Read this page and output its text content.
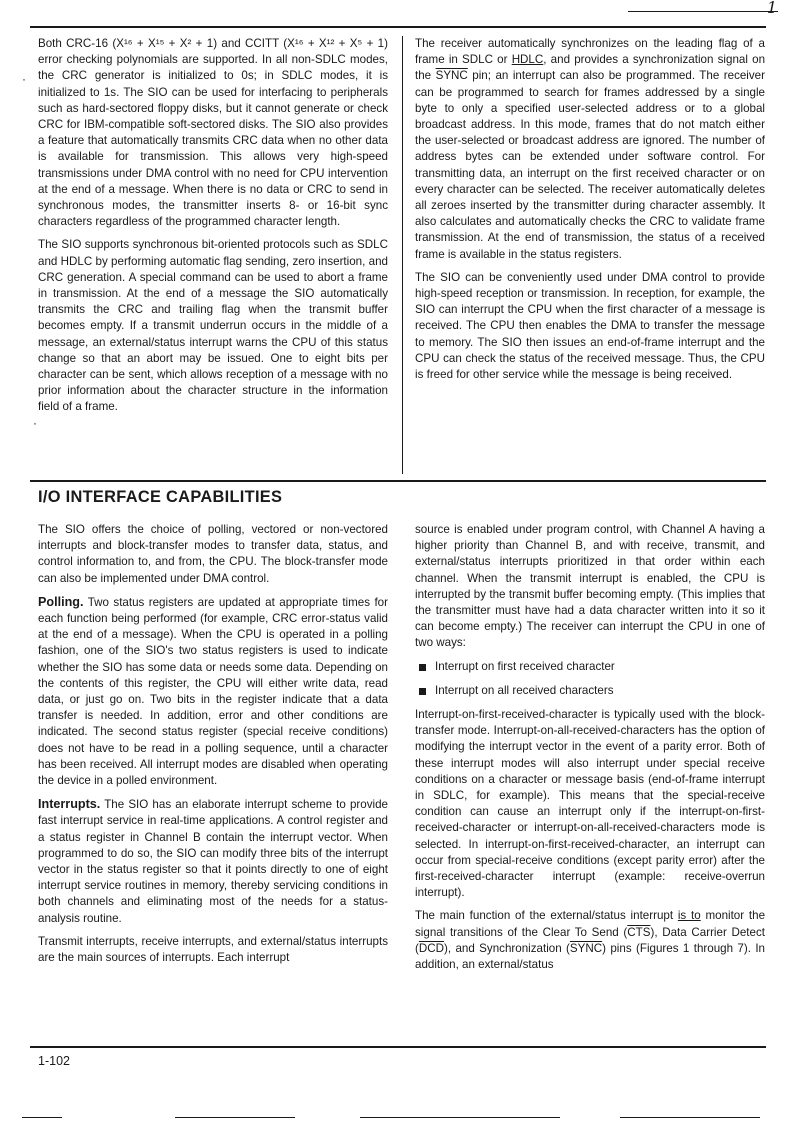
1
·
·

Both CRC-16 (X¹⁶ + X¹⁵ + X² + 1) and CCITT (X¹⁶ + X¹² + X⁵ + 1) error checking polynomials are supported. In all non-SDLC modes, the CRC generator is initialized to 0s; in SDLC modes, it is initialized to 1s. The SIO can be used for interfacing to peripherals such as hard-sectored floppy disks, but it cannot generate or check CRC for IBM-compatible soft-sectored disks. The SIO also provides a feature that automatically transmits CRC data when no other data is available for transmission. This allows very high-speed transmissions under DMA control with no need for CPU intervention at the end of a message. When there is no data or CRC to send in synchronous modes, the transmitter inserts 8- or 16-bit sync characters regardless of the programmed character length.

The SIO supports synchronous bit-oriented protocols such as SDLC and HDLC by performing automatic flag sending, zero insertion, and CRC generation. A special command can be used to abort a frame in transmission. At the end of a message the SIO automatically transmits the CRC and trailing flag when the transmit buffer becomes empty. If a transmit underrun occurs in the middle of a message, an external/status interrupt warns the CPU of this status change so that an abort may be issued. One to eight bits per character can be sent, which allows reception of a message with no prior information about the character structure in the information field of a frame.

The receiver automatically synchronizes on the leading flag of a frame in SDLC or HDLC, and provides a synchronization signal on the SYNC pin; an interrupt can also be programmed. The receiver can be programmed to search for frames addressed by a single byte to only a specified user-selected address or to a global broadcast address. In this mode, frames that do not match either the user-selected or broadcast address are ignored. The number of address bytes can be extended under software control. For transmitting data, an interrupt on the first received character or on every character can be selected. The receiver automatically deletes all zeroes inserted by the transmitter during character assembly. It also calculates and automatically checks the CRC to validate frame transmission. At the end of transmission, the status of a received frame is available in the status registers.

The SIO can be conveniently used under DMA control to provide high-speed reception or transmission. In reception, for example, the SIO can interrupt the CPU when the first character of a message is received. The CPU then enables the DMA to transfer the message to memory. The SIO then issues an end-of-frame interrupt and the CPU can check the status of the received message. Thus, the CPU is freed for other service while the message is being received.

I/O INTERFACE CAPABILITIES

The SIO offers the choice of polling, vectored or non-vectored interrupts and block-transfer modes to transfer data, status, and control information to, and from, the CPU. The block-transfer mode can also be implemented under DMA control.

Polling. Two status registers are updated at appropriate times for each function being performed (for example, CRC error-status valid at the end of a message). When the CPU is operated in a polling fashion, one of the SIO's two status registers is used to indicate whether the SIO has some data or needs some data. Depending on the contents of this register, the CPU will either write data, read data, or just go on. Two bits in the register indicate that a data transfer is needed. In addition, error and other conditions are indicated. The second status register (special receive conditions) does not have to be read in a polling sequence, until a character has been received. All interrupt modes are disabled when operating the device in a polled environment.

Interrupts. The SIO has an elaborate interrupt scheme to provide fast interrupt service in real-time applications. A control register and a status register in Channel B contain the interrupt vector. When programmed to do so, the SIO can modify three bits of the interrupt vector in the status register so that it points directly to one of eight interrupt service routines in memory, thereby servicing conditions in both channels and eliminating most of the needs for a status-analysis routine.

Transmit interrupts, receive interrupts, and external/status interrupts are the main sources of interrupts. Each interrupt

source is enabled under program control, with Channel A having a higher priority than Channel B, and with receive, transmit, and external/status interrupts prioritized in that order within each channel. When the transmit interrupt is enabled, the CPU is interrupted by the transmit buffer becoming empty. (This implies that the transmitter must have had a data character written into it so it can become empty.) The receiver can interrupt the CPU in one of two ways:

Interrupt on first received character
Interrupt on all received characters

Interrupt-on-first-received-character is typically used with the block-transfer mode. Interrupt-on-all-received-characters has the option of modifying the interrupt vector in the event of a parity error. Both of these interrupt modes will also interrupt under special receive conditions on a character or message basis (end-of-frame interrupt in SDLC, for example). This means that the special-receive condition can cause an interrupt only if the interrupt-on-first-received-character or interrupt-on-all-received-characters mode is selected. In interrupt-on-first-received-character, an interrupt can occur from special-receive conditions (except parity error) after the first-received-character interrupt (example: receive-overrun interrupt).

The main function of the external/status interrupt is to monitor the signal transitions of the Clear To Send $(\overline{CTS})$, Data Carrier Detect $(\overline{DCD})$, and Synchronization (SYNC) pins (Figures 1 through 7). In addition, an external/status

1-102
